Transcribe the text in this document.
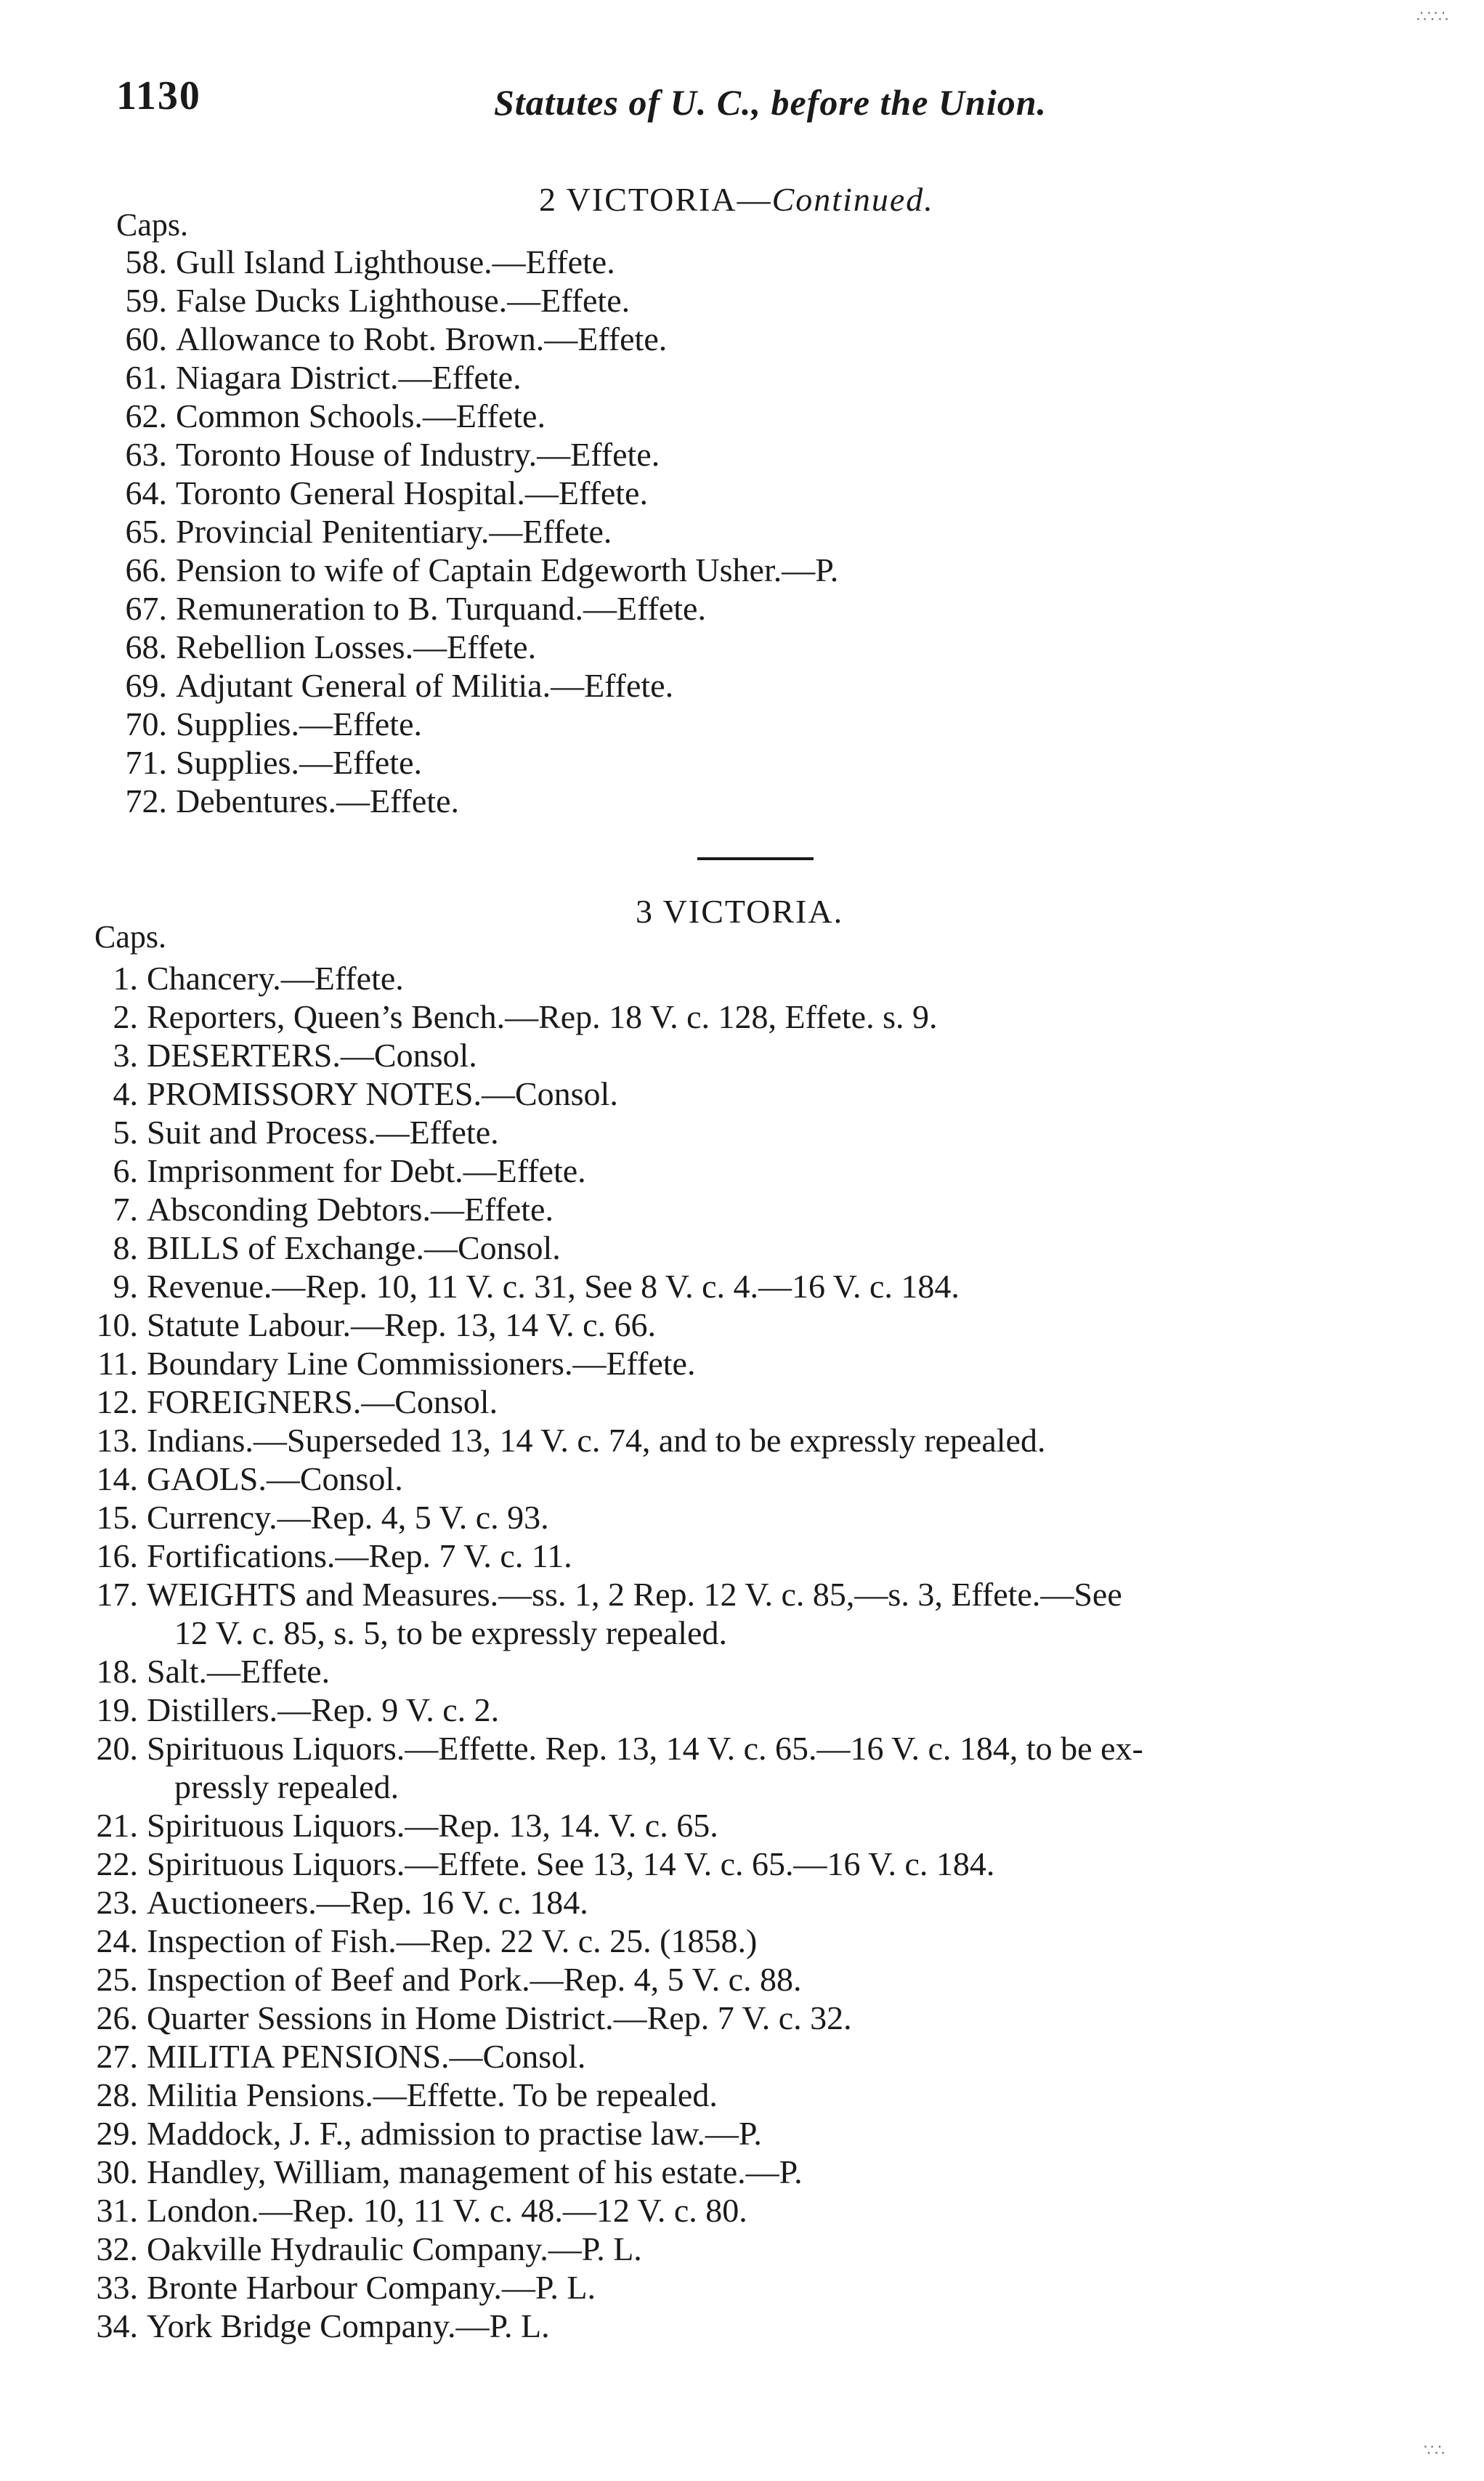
1130	Statutes of U. C., before the Union.
2 VICTORIA—Continued.
Caps.
58. Gull Island Lighthouse.—Effete.
59. False Ducks Lighthouse.—Effete.
60. Allowance to Robt. Brown.—Effete.
61. Niagara District.—Effete.
62. Common Schools.—Effete.
63. Toronto House of Industry.—Effete.
64. Toronto General Hospital.—Effete.
65. Provincial Penitentiary.—Effete.
66. Pension to wife of Captain Edgeworth Usher.—P.
67. Remuneration to B. Turquand.—Effete.
68. Rebellion Losses.—Effete.
69. Adjutant General of Militia.—Effete.
70. Supplies.—Effete.
71. Supplies.—Effete.
72. Debentures.—Effete.
3 VICTORIA.
Caps.
1. Chancery.—Effete.
2. Reporters, Queen’s Bench.—Rep. 18 V. c. 128, Effete. s. 9.
3. DESERTERS.—Consol.
4. PROMISSORY NOTES.—Consol.
5. Suit and Process.—Effete.
6. Imprisonment for Debt.—Effete.
7. Absconding Debtors.—Effete.
8. BILLS of Exchange.—Consol.
9. Revenue.—Rep. 10, 11 V. c. 31, See 8 V. c. 4.—16 V. c. 184.
10. Statute Labour.—Rep. 13, 14 V. c. 66.
11. Boundary Line Commissioners.—Effete.
12. FOREIGNERS.—Consol.
13. Indians.—Superseded 13, 14 V. c. 74, and to be expressly repealed.
14. GAOLS.—Consol.
15. Currency.—Rep. 4, 5 V. c. 93.
16. Fortifications.—Rep. 7 V. c. 11.
17. WEIGHTS and Measures.—ss. 1, 2 Rep. 12 V. c. 85,—s. 3, Effete.—See
12 V. c. 85, s. 5, to be expressly repealed.
18. Salt.—Effete.
19. Distillers.—Rep. 9 V. c. 2.
20. Spirituous Liquors.—Effette. Rep. 13, 14 V. c. 65.—16 V. c. 184, to be ex-
pressly repealed.
21. Spirituous Liquors.—Rep. 13, 14. V. c. 65.
22. Spirituous Liquors.—Effete. See 13, 14 V. c. 65.—16 V. c. 184.
23. Auctioneers.—Rep. 16 V. c. 184.
24. Inspection of Fish.—Rep. 22 V. c. 25. (1858.)
25. Inspection of Beef and Pork.—Rep. 4, 5 V. c. 88.
26. Quarter Sessions in Home District.—Rep. 7 V. c. 32.
27. MILITIA PENSIONS.—Consol.
28. Militia Pensions.—Effette. To be repealed.
29. Maddock, J. F., admission to practise law.—P.
30. Handley, William, management of his estate.—P.
31. London.—Rep. 10, 11 V. c. 48.—12 V. c. 80.
32. Oakville Hydraulic Company.—P. L.
33. Bronte Harbour Company.—P. L.
34. York Bridge Company.—P. L.
∴∵∴
∵∴
